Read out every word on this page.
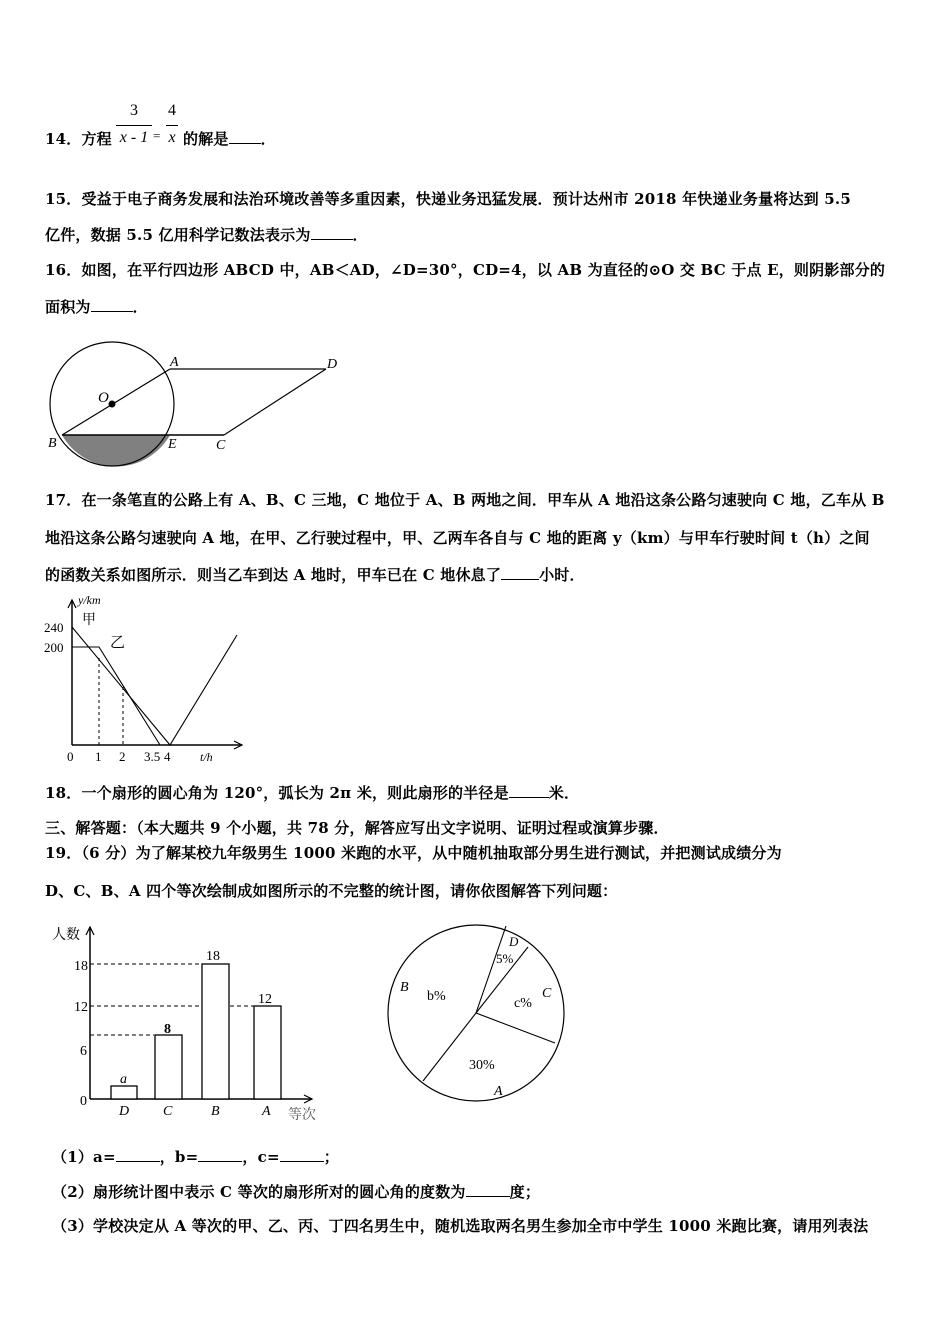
14．方程
3
x - 1 =
4
x 的解是 ．
15．受益于电子商务发展和法治环境改善等多重因素，快递业务迅猛发展．预计达州市 2018 年快递业务量将达到 5.5
亿件，数据 5.5 亿用科学记数法表示为	．
16．如图，在平行四边形 ABCD 中，AB＜AD，∠D=30°，CD=4，以 AB 为直径的⊙O 交 BC 于点 E，则阴影部分的
面积为	．
O
A	D
B	E	C
17．在一条笔直的公路上有 A、B、C 三地，C 地位于 A、B 两地之间．甲车从 A 地沿这条公路匀速驶向 C 地，乙车从 B
地沿这条公路匀速驶向 A 地，在甲、乙行驶过程中，甲、乙两车各自与 C 地的距离 y（km）与甲车行驶时间 t（h）之间
的函数关系如图所示．则当乙车到达 A 地时，甲车已在 C 地休息了	小时．
y/km
240
200
甲
乙
0 1 2 3.5 4 t/h
18．一个扇形的圆心角为 120°，弧长为 2π 米，则此扇形的半径是	米．
三、解答题：（本大题共 9 个小题，共 78 分，解答应写出文字说明、证明过程或演算步骤．
19．（6 分）为了解某校九年级男生 1000 米跑的水平，从中随机抽取部分男生进行测试，并把测试成绩分为
D、C、B、A 四个等次绘制成如图所示的不完整的统计图，请你依图解答下列问题：
a
8
18
12
18
12
6
0
人数
等次
D C	B	A
B
b%
D
5%
C
c%
30%
A
（1）a=	，b=	，c=	；
（2）扇形统计图中表示 C 等次的扇形所对的圆心角的度数为	度；
（3）学校决定从 A 等次的甲、乙、丙、丁四名男生中，随机选取两名男生参加全市中学生 1000 米跑比赛，请用列表法
